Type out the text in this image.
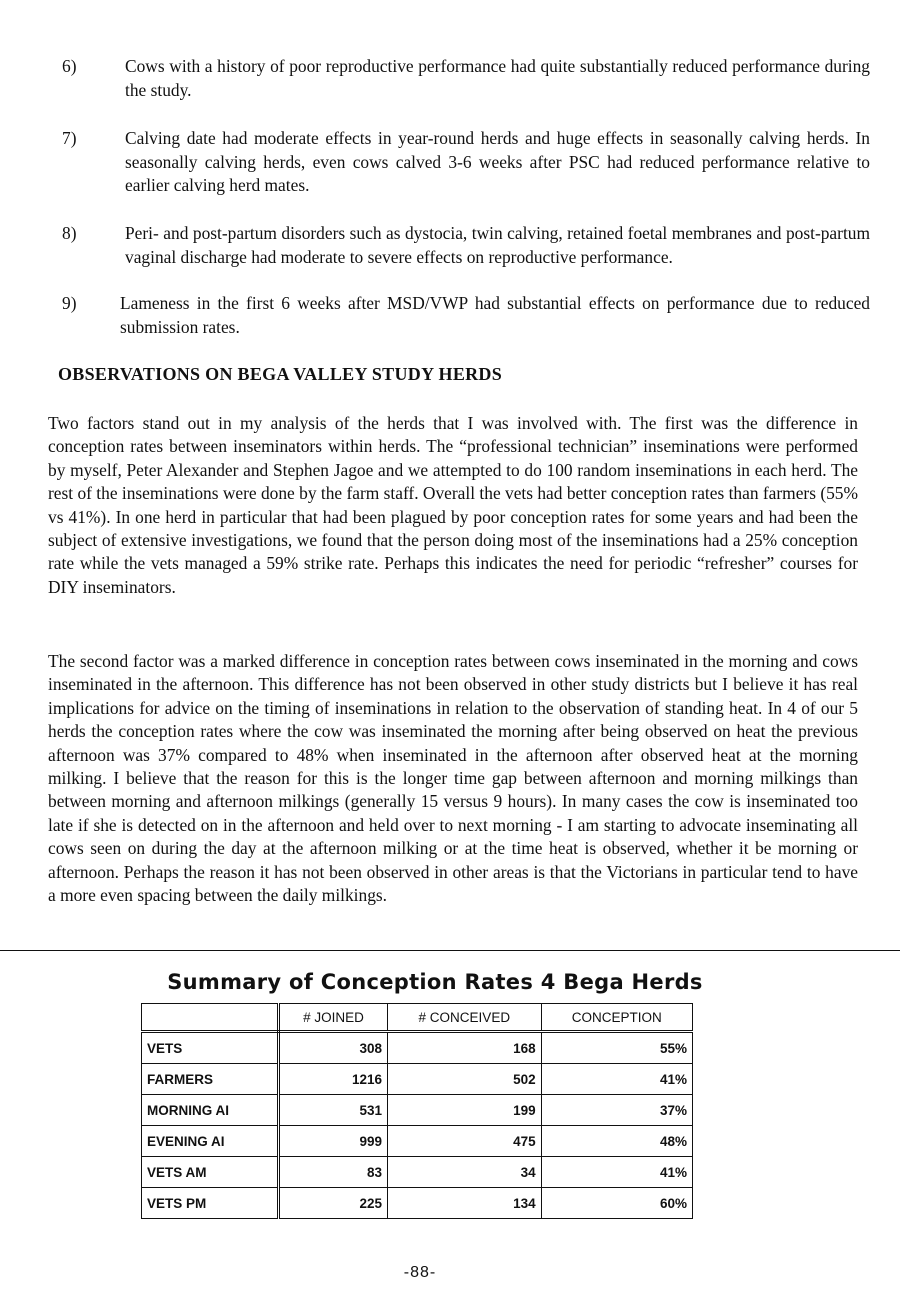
6)	Cows with a history of poor reproductive performance had quite substantially reduced performance during the study.
7)	Calving date had moderate effects in year-round herds and huge effects in seasonally calving herds. In seasonally calving herds, even cows calved 3-6 weeks after PSC had reduced performance relative to earlier calving herd mates.
8)	Peri- and post-partum disorders such as dystocia, twin calving, retained foetal membranes and post-partum vaginal discharge had moderate to severe effects on reproductive performance.
9)	Lameness in the first 6 weeks after MSD/VWP had substantial effects on performance due to reduced submission rates.
OBSERVATIONS ON BEGA VALLEY STUDY HERDS

Two factors stand out in my analysis of the herds that I was involved with. The first was the difference in conception rates between inseminators within herds. The “professional technician” inseminations were performed by myself, Peter Alexander and Stephen Jagoe and we attempted to do 100 random inseminations in each herd. The rest of the inseminations were done by the farm staff. Overall the vets had better conception rates than farmers (55% vs 41%). In one herd in particular that had been plagued by poor conception rates for some years and had been the subject of extensive investigations, we found that the person doing most of the inseminations had a 25% conception rate while the vets managed a 59% strike rate. Perhaps this indicates the need for periodic “refresher” courses for DIY inseminators.

The second factor was a marked difference in conception rates between cows inseminated in the morning and cows inseminated in the afternoon. This difference has not been observed in other study districts but I believe it has real implications for advice on the timing of inseminations in relation to the observation of standing heat. In 4 of our 5 herds the conception rates where the cow was inseminated the morning after being observed on heat the previous afternoon was 37% compared to 48% when inseminated in the afternoon after observed heat at the morning milking. I believe that the reason for this is the longer time gap between afternoon and morning milkings than between morning and afternoon milkings (generally 15 versus 9 hours). In many cases the cow is inseminated too late if she is detected on in the afternoon and held over to next morning - I am starting to advocate inseminating all cows seen on during the day at the afternoon milking or at the time heat is observed, whether it be morning or afternoon. Perhaps the reason it has not been observed in other areas is that the Victorians in particular tend to have a more even spacing between the daily milkings.

Summary of Conception Rates 4 Bega Herds
	# JOINED	# CONCEIVED	CONCEPTION
VETS	308	168	55%
FARMERS	1216	502	41%
MORNING AI	531	199	37%
EVENING AI	999	475	48%
VETS AM	83	34	41%
VETS PM	225	134	60%
-88-
